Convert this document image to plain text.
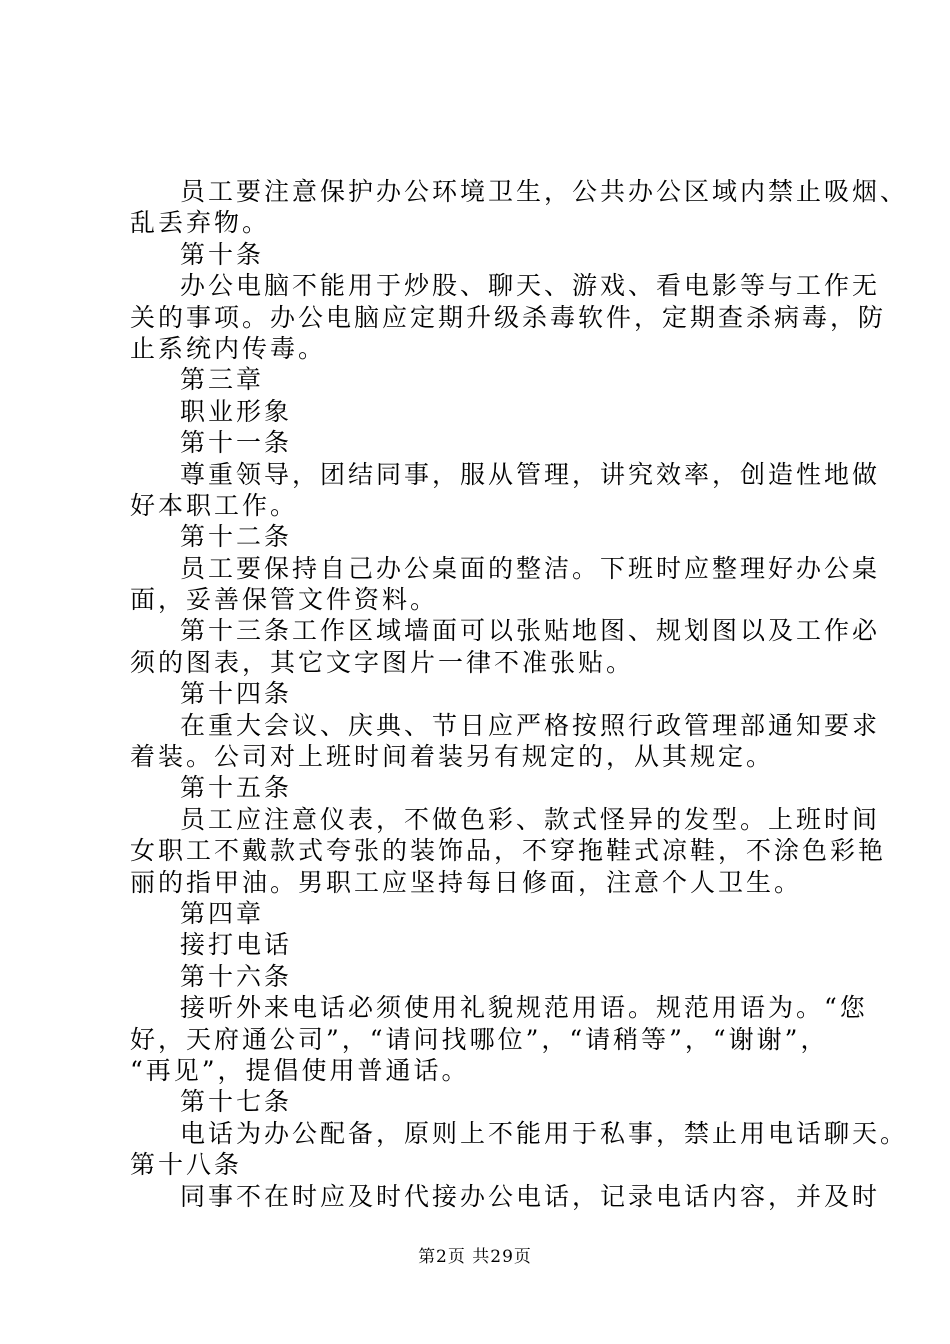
员工要注意保护办公环境卫生，公共办公区域内禁止吸烟、
乱丢弃物。
第十条
办公电脑不能用于炒股、聊天、游戏、看电影等与工作无
关的事项。办公电脑应定期升级杀毒软件，定期查杀病毒，防
止系统内传毒。
第三章
职业形象
第十一条
尊重领导，团结同事，服从管理，讲究效率，创造性地做
好本职工作。
第十二条
员工要保持自己办公桌面的整洁。下班时应整理好办公桌
面，妥善保管文件资料。
第十三条工作区域墙面可以张贴地图、规划图以及工作必
须的图表，其它文字图片一律不准张贴。
第十四条
在重大会议、庆典、节日应严格按照行政管理部通知要求
着装。公司对上班时间着装另有规定的，从其规定。
第十五条
员工应注意仪表，不做色彩、款式怪异的发型。上班时间
女职工不戴款式夸张的装饰品，不穿拖鞋式凉鞋，不涂色彩艳
丽的指甲油。男职工应坚持每日修面，注意个人卫生。
第四章
接打电话
第十六条
接听外来电话必须使用礼貌规范用语。规范用语为。“您
好，天府通公司”，“请问找哪位”，“请稍等”，“谢谢”，
“再见”，提倡使用普通话。
第十七条
电话为办公配备，原则上不能用于私事，禁止用电话聊天。
第十八条
同事不在时应及时代接办公电话，记录电话内容，并及时
第2页 共29页
